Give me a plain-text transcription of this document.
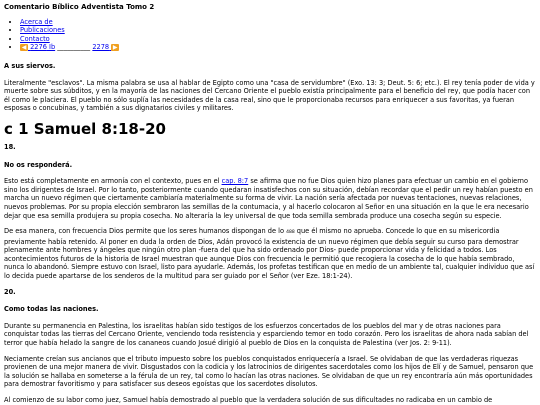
Comentario Bíblico Adventista Tomo 2
• Acerca de
• Publicaciones
• Contacto
• ◀ 2276 Ib __________ 2278 ▶
A sus siervos.

Literalmente "esclavos". La misma palabra se usa al hablar de Egipto como una "casa de servidumbre" (Exo. 13: 3; Deut. 5: 6; etc.). El rey tenía poder de vida y muerte sobre sus súbditos, y en la mayoría de las naciones del Cercano Oriente el pueblo existía principalmente para el beneficio del rey, que podía hacer con él como le placiera. El pueblo no sólo suplía las necesidades de la casa real, sino que le proporcionaba recursos para enriquecer a sus favoritas, ya fueran esposas o concubinas, y también a sus dignatarios civiles y militares.

c 1 Samuel 8:18-20
18.
No os responderá.

Esto está completamente en armonía con el contexto, pues en el cap. 8:7 se afirma que no fue Dios quien hizo planes para efectuar un cambio en el gobierno sino los dirigentes de Israel. Por lo tanto, posteriormente cuando quedaran insatisfechos con su situación, debían recordar que el pedir un rey habían puesto en marcha un nuevo régimen que ciertamente cambiaría materialmente su forma de vivir. La nación sería afectada por nuevas tentaciones, nuevas relaciones, nuevos problemas. Por su propia elección sembraron las semillas de la contumacia, y al hacerlo colocaron al Señor en una situación en la que le era necesario dejar que esa semilla produjera su propia cosecha. No alteraría la ley universal de que toda semilla sembrada produce una cosecha según su especie.

De esa manera, con frecuencia Dios permite que los seres humanos dispongan de lo 488 que él mismo no aprueba. Concede lo que en su misericordia previamente había retenido. Al poner en duda la orden de Dios, Adán provocó la existencia de un nuevo régimen que debía seguir su curso para demostrar plenamente ante hombres y ángeles que ningún otro plan -fuera del que ha sido ordenado por Dios- puede proporcionar vida y felicidad a todos. Los acontecimientos futuros de la historia de Israel muestran que aunque Dios con frecuencia le permitió que recogiera la cosecha de lo que había sembrado, nunca lo abandonó. Siempre estuvo con Israel, listo para ayudarle. Además, los profetas testifican que en medio de un ambiente tal, cualquier individuo que así lo decida puede apartarse de los senderos de la multitud para ser guiado por el Señor (ver Eze. 18:1-24).

20.
Como todas las naciones.

Durante su permanencia en Palestina, los israelitas habían sido testigos de los esfuerzos concertados de los pueblos del mar y de otras naciones para conquistar todas las tierras del Cercano Oriente, venciendo toda resistencia y esparciendo temor en todo corazón. Pero los israelitas de ahora nada sabían del terror que había helado la sangre de los cananeos cuando Josué dirigió al pueblo de Dios en la conquista de Palestina (ver Jos. 2: 9-11).

Neciamente creían sus ancianos que el tributo impuesto sobre los pueblos conquistados enriquecería a Israel. Se olvidaban de que las verdaderas riquezas provienen de una mejor manera de vivir. Disgustados con la codicia y los latrocinios de dirigentes sacerdotales como los hijos de Elí y de Samuel, pensaron que la solución se hallaba en someterse a la férula de un rey, tal como lo hacían las otras naciones. Se olvidaban de que un rey encontraría aún más oportunidades para demostrar favoritismo y para satisfacer sus deseos egoístas que los sacerdotes disolutos.

Al comienzo de su labor como juez, Samuel había demostrado al pueblo que la verdadera solución de sus dificultades no radicaba en un cambio de
